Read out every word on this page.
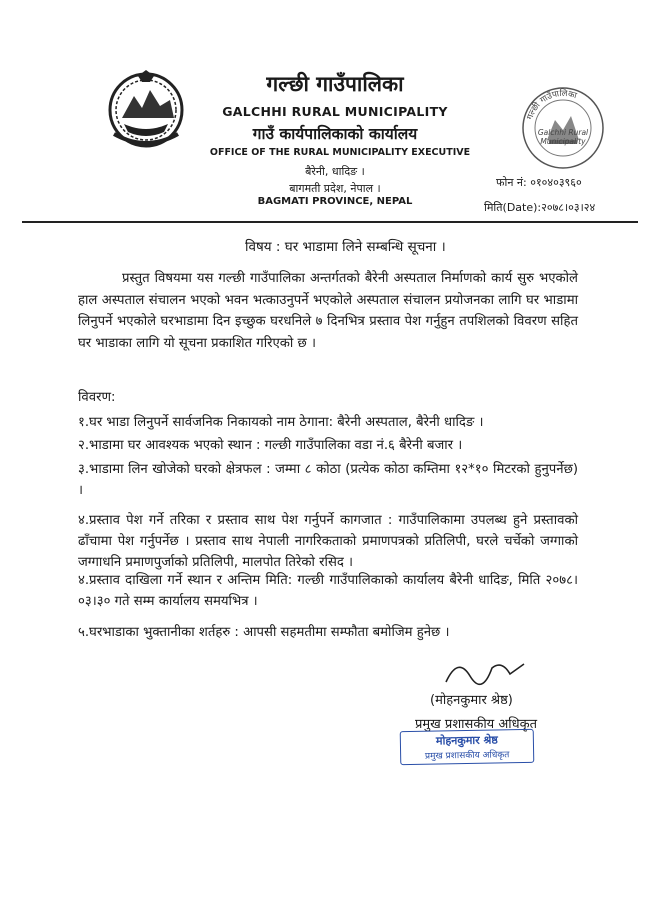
गल्छी गाउँपालिका
GALCHHI RURAL MUNICIPALITY
गाउँ कार्यपालिकाको कार्यालय
OFFICE OF THE RURAL MUNICIPALITY EXECUTIVE
बैरेनी, धादिङ ।
बागमती प्रदेश, नेपाल ।
BAGMATI PROVINCE, NEPAL
गल्छी गाउँपालिका
Galchhi Rural Municipality
फोन नं: ०१०४०३९६०
मिति(Date):२०७८।०३।२४
विषय : घर भाडामा लिने सम्बन्धि सूचना ।
प्रस्तुत विषयमा यस गल्छी गाउँपालिका अन्तर्गतको बैरेनी अस्पताल निर्माणको कार्य सुरु भएकोले हाल अस्पताल संचालन भएको भवन भत्काउनुपर्ने भएकोले अस्पताल संचालन प्रयोजनका लागि घर भाडामा लिनुपर्ने भएकोले घरभाडामा दिन इच्छुक घरधनिले ७ दिनभित्र प्रस्ताव पेश गर्नुहुन तपशिलको विवरण सहित घर भाडाका लागि यो सूचना प्रकाशित गरिएको छ ।
विवरण:
१.घर भाडा लिनुपर्ने सार्वजनिक निकायको नाम ठेगाना: बैरेनी अस्पताल, बैरेनी धादिङ ।
२.भाडामा घर आवश्यक भएको स्थान : गल्छी गाउँपालिका वडा नं.६ बैरेनी बजार ।
३.भाडामा लिन खोजेको घरको क्षेत्रफल : जम्मा ८ कोठा (प्रत्येक कोठा कम्तिमा १२*१० मिटरको हुनुपर्नेछ) ।
४.प्रस्ताव पेश गर्ने तरिका र प्रस्ताव साथ पेश गर्नुपर्ने कागजात : गाउँपालिकामा उपलब्ध हुने प्रस्तावको ढाँचामा पेश गर्नुपर्नेछ । प्रस्ताव साथ नेपाली नागरिकताको प्रमाणपत्रको प्रतिलिपी, घरले चर्चेको जग्गाको जग्गाधनि प्रमाणपुर्जाको प्रतिलिपी, मालपोत तिरेको रसिद ।
४.प्रस्ताव दाखिला गर्ने स्थान र अन्तिम मिति: गल्छी गाउँपालिकाको कार्यालय बैरेनी धादिङ, मिति २०७८।०३।३० गते सम्म कार्यालय समयभित्र ।
५.घरभाडाका भुक्तानीका शर्तहरु : आपसी सहमतीमा सम्फौता बमोजिम हुनेछ ।
(मोहनकुमार श्रेष्ठ)
प्रमुख प्रशासकीय अधिकृत
मोहनकुमार श्रेष्ठ
प्रमुख प्रशासकीय अधिकृत
